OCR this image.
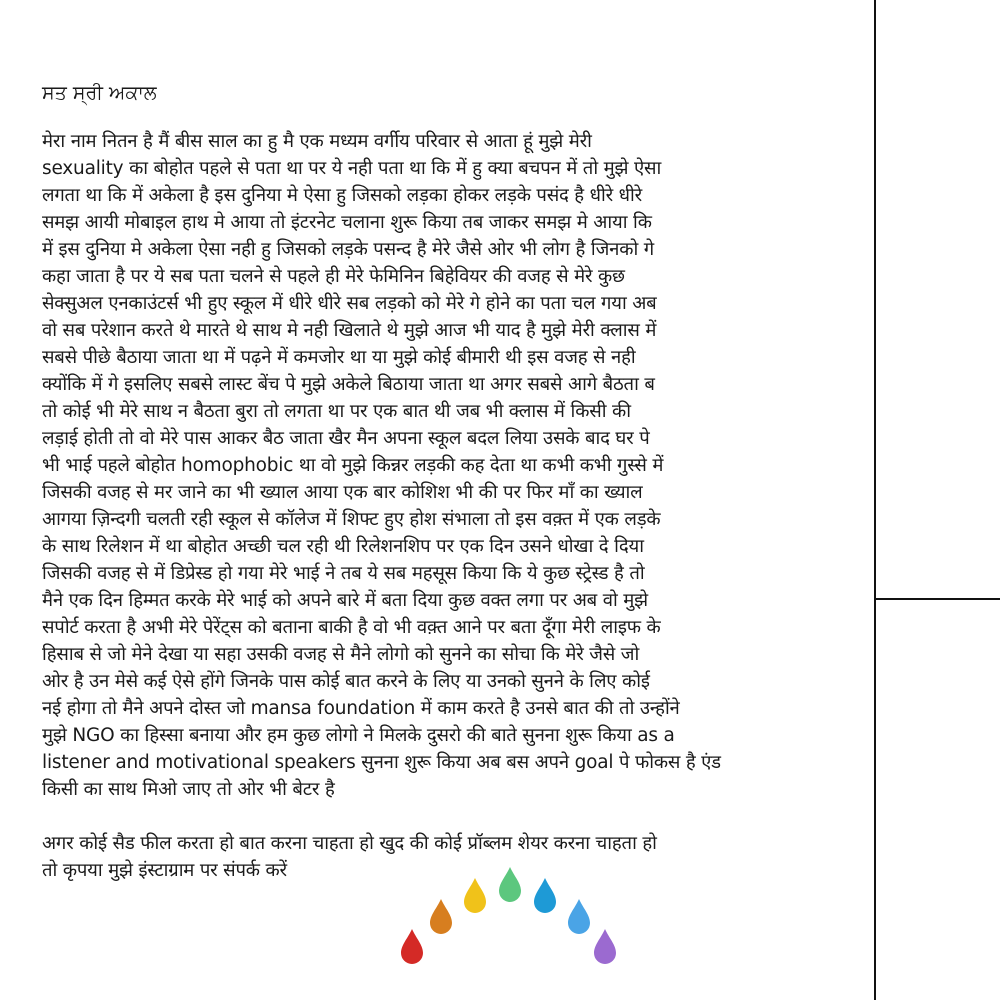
ਸਤ ਸ੍ਰੀ ਅਕਾਲ
मेरा नाम नितन है मैं बीस साल का हु मै एक मध्यम वर्गीय परिवार से आता हूं मुझे मेरी
sexuality का बोहोत पहले से पता था पर ये नही पता था कि में हु क्या बचपन में तो मुझे ऐसा
लगता था कि में अकेला है इस दुनिया मे ऐसा हु जिसको लड़का होकर लड़के पसंद है धीरे धीरे
समझ आयी मोबाइल हाथ मे आया तो इंटरनेट चलाना शुरू किया तब जाकर समझ मे आया कि
में इस दुनिया मे अकेला ऐसा नही हु जिसको लड़के पसन्द है मेरे जैसे ओर भी लोग है जिनको गे
कहा जाता है पर ये सब पता चलने से पहले ही मेरे फेमिनिन बिहेवियर की वजह से मेरे कुछ
सेक्सुअल एनकाउंटर्स भी हुए स्कूल में धीरे धीरे सब लड़को को मेरे गे होने का पता चल गया अब
वो सब परेशान करते थे मारते थे साथ मे नही खिलाते थे मुझे आज भी याद है मुझे मेरी क्लास में
सबसे पीछे बैठाया जाता था में पढ़ने में कमजोर था या मुझे कोई बीमारी थी इस वजह से नही
क्योंकि में गे इसलिए सबसे लास्ट बेंच पे मुझे अकेले बिठाया जाता था अगर सबसे आगे बैठता ब
तो कोई भी मेरे साथ न बैठता बुरा तो लगता था पर एक बात थी जब भी क्लास में किसी की
लड़ाई होती तो वो मेरे पास आकर बैठ जाता खैर मैन अपना स्कूल बदल लिया उसके बाद घर पे
भी भाई पहले बोहोत homophobic था वो मुझे किन्नर लड़की कह देता था कभी कभी गुस्से में
जिसकी वजह से मर जाने का भी ख्याल आया एक बार कोशिश भी की पर फिर माँ का ख्याल
आगया ज़िन्दगी चलती रही स्कूल से कॉलेज में शिफ्ट हुए होश संभाला तो इस वक़्त में एक लड़के
के साथ रिलेशन में था बोहोत अच्छी चल रही थी रिलेशनशिप पर एक दिन उसने धोखा दे दिया
जिसकी वजह से में डिप्रेस्ड हो गया मेरे भाई ने तब ये सब महसूस किया कि ये कुछ स्ट्रेस्ड है तो
मैने एक दिन हिम्मत करके मेरे भाई को अपने बारे में बता दिया कुछ वक्त लगा पर अब वो मुझे
सपोर्ट करता है अभी मेरे पेरेंट्स को बताना बाकी है वो भी वक़्त आने पर बता दूँगा मेरी लाइफ के
हिसाब से जो मेने देखा या सहा उसकी वजह से मैने लोगो को सुनने का सोचा कि मेरे जैसे जो
ओर है उन मेसे कई ऐसे होंगे जिनके पास कोई बात करने के लिए या उनको सुनने के लिए कोई
नई होगा तो मैने अपने दोस्त जो mansa foundation में काम करते है उनसे बात की तो उन्होंने
मुझे NGO का हिस्सा बनाया और हम कुछ लोगो ने मिलके दुसरो की बाते सुनना शुरू किया as a
listener and motivational speakers सुनना शुरू किया अब बस अपने goal पे फोकस है एंड
किसी का साथ मिओ जाए तो ओर भी बेटर है
अगर कोई सैड फील करता हो बात करना चाहता हो खुद की कोई प्रॉब्लम शेयर करना चाहता हो
तो कृपया मुझे इंस्टाग्राम पर संपर्क करें
